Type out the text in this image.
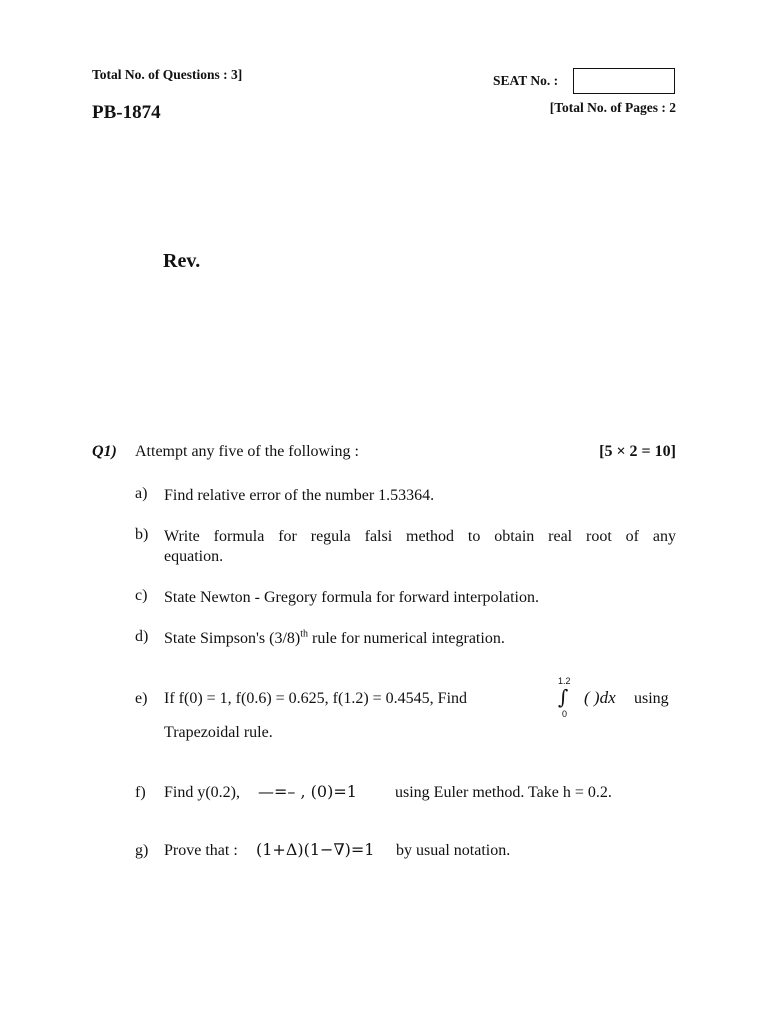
Total No. of Questions : 3]	SEAT No. :
[Total No. of Pages : 2
PB-1874
Rev.
Q1) Attempt any five of the following :	[5 × 2 = 10]
a) Find relative error of the number 1.53364.
b) Write formula for regula falsi method to obtain real root of any
equation.
c) State Newton - Gregory formula for forward interpolation.
d) State Simpson's $(3/8)^{th}$ rule for numerical integration.
e) If f(0) = 1, f(0.6) = 0.625, f(1.2) = 0.4545, Find
1.2
∫
0
( )dx using
Trapezoidal rule.
f) Find y(0.2), —=– , (0)=1 using Euler method. Take h = 0.2.
g) Prove that : (1+Δ)(1−∇)=1 by usual notation.
